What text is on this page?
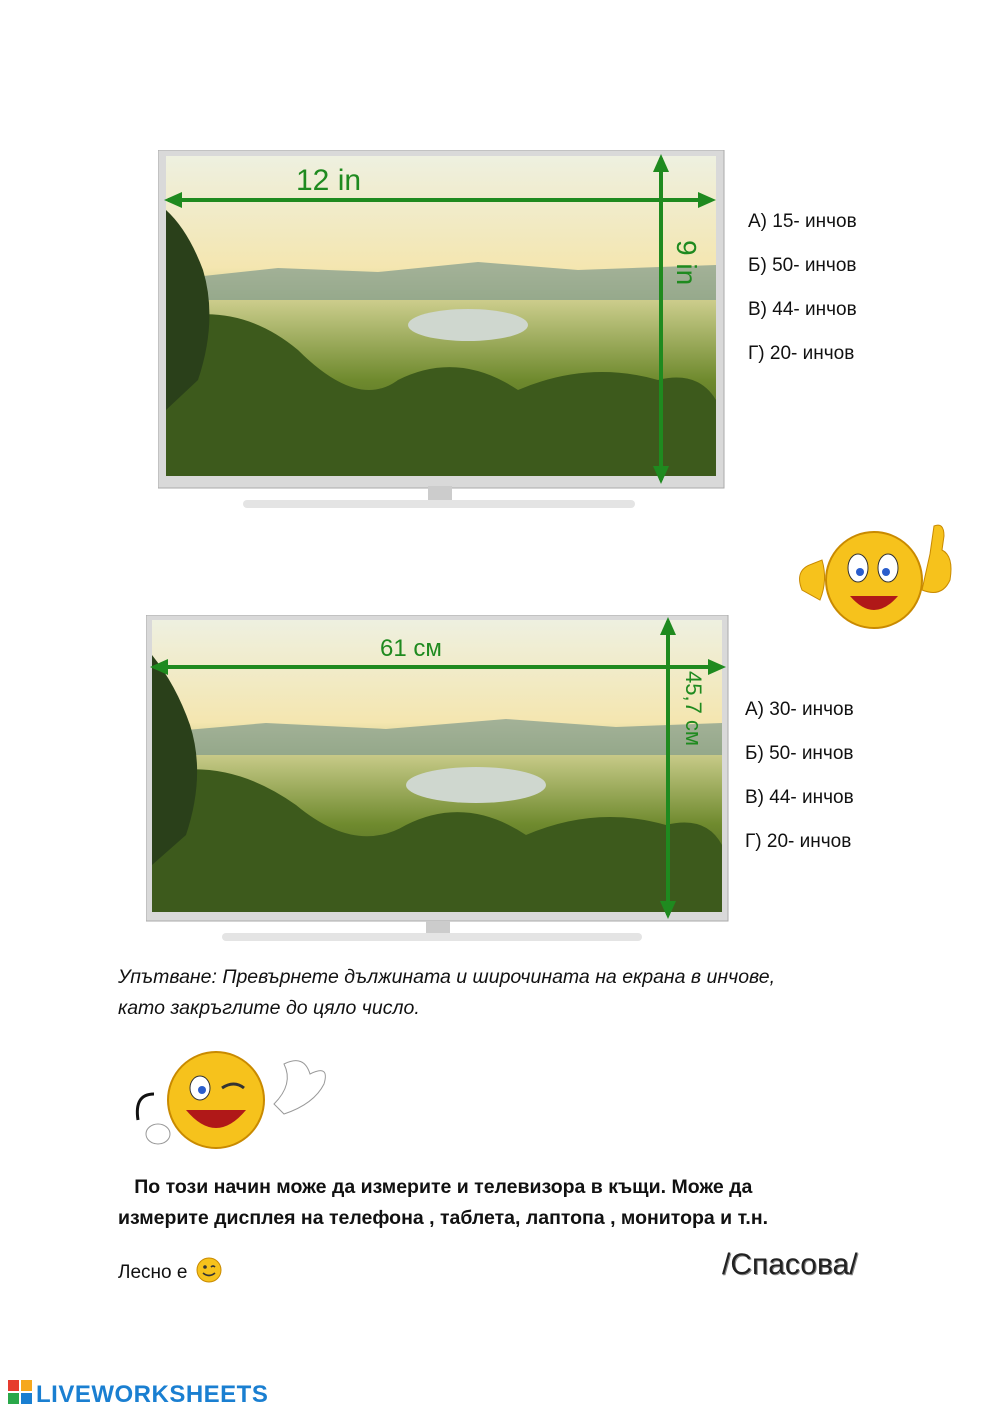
12 in
9 in
А) 15- инчов
Б) 50- инчов
В) 44- инчов
Г) 20- инчов
61 см
45,7 см А) 30- инчов
Б) 50- инчов
В) 44- инчов
Г) 20- инчов
Упътване: Превърнете дължината и широчината на екрана в инчове,
като закръглите до цяло число.
По този начин може да измерите и телевизора в къщи. Може да
измерите дисплея на телефона , таблета, лаптопа , монитора и т.н.
Лесно е	/Спасова/
LIVEWORKSHEETS
